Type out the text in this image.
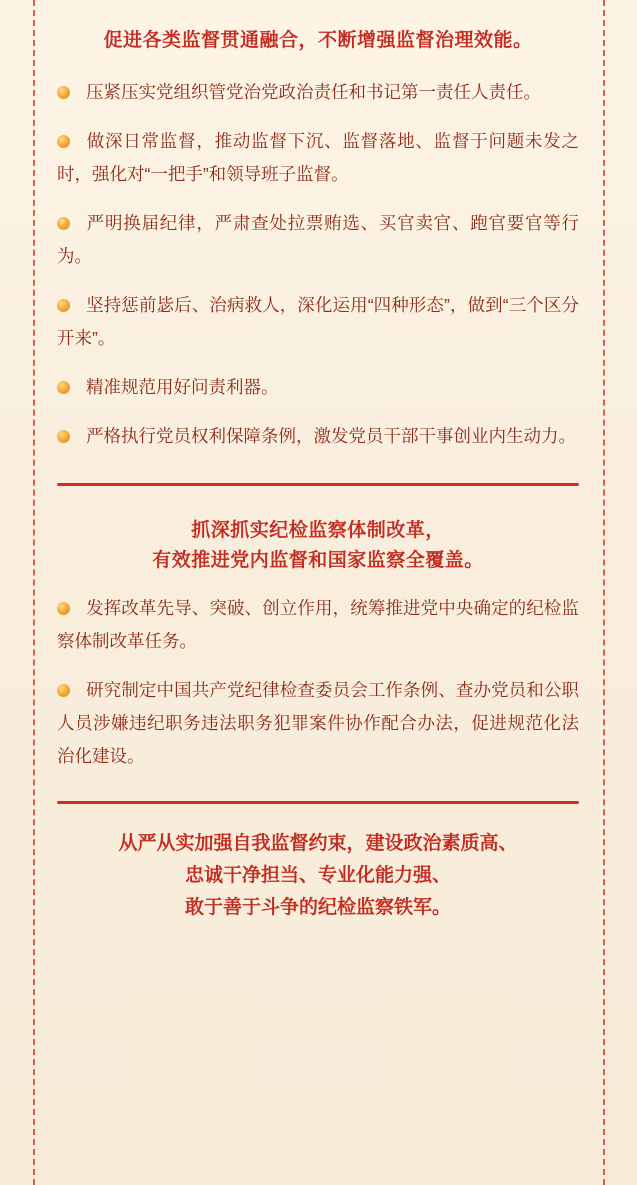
促进各类监督贯通融合，不断增强监督治理效能。

压紧压实党组织管党治党政治责任和书记第一责任人责任。

做深日常监督，推动监督下沉、监督落地、监督于问题未发之时，强化对“一把手”和领导班子监督。

严明换届纪律，严肃查处拉票贿选、买官卖官、跑官要官等行为。

坚持惩前毖后、治病救人，深化运用“四种形态”，做到“三个区分开来”。

精准规范用好问责利器。

严格执行党员权利保障条例，激发党员干部干事创业内生动力。

抓深抓实纪检监察体制改革，

有效推进党内监督和国家监察全覆盖。

发挥改革先导、突破、创立作用，统筹推进党中央确定的纪检监察体制改革任务。

研究制定中国共产党纪律检查委员会工作条例、查办党员和公职人员涉嫌违纪职务违法职务犯罪案件协作配合办法，促进规范化法治化建设。

从严从实加强自我监督约束，建设政治素质高、
忠诚干净担当、专业化能力强、
敢于善于斗争的纪检监察铁军。
